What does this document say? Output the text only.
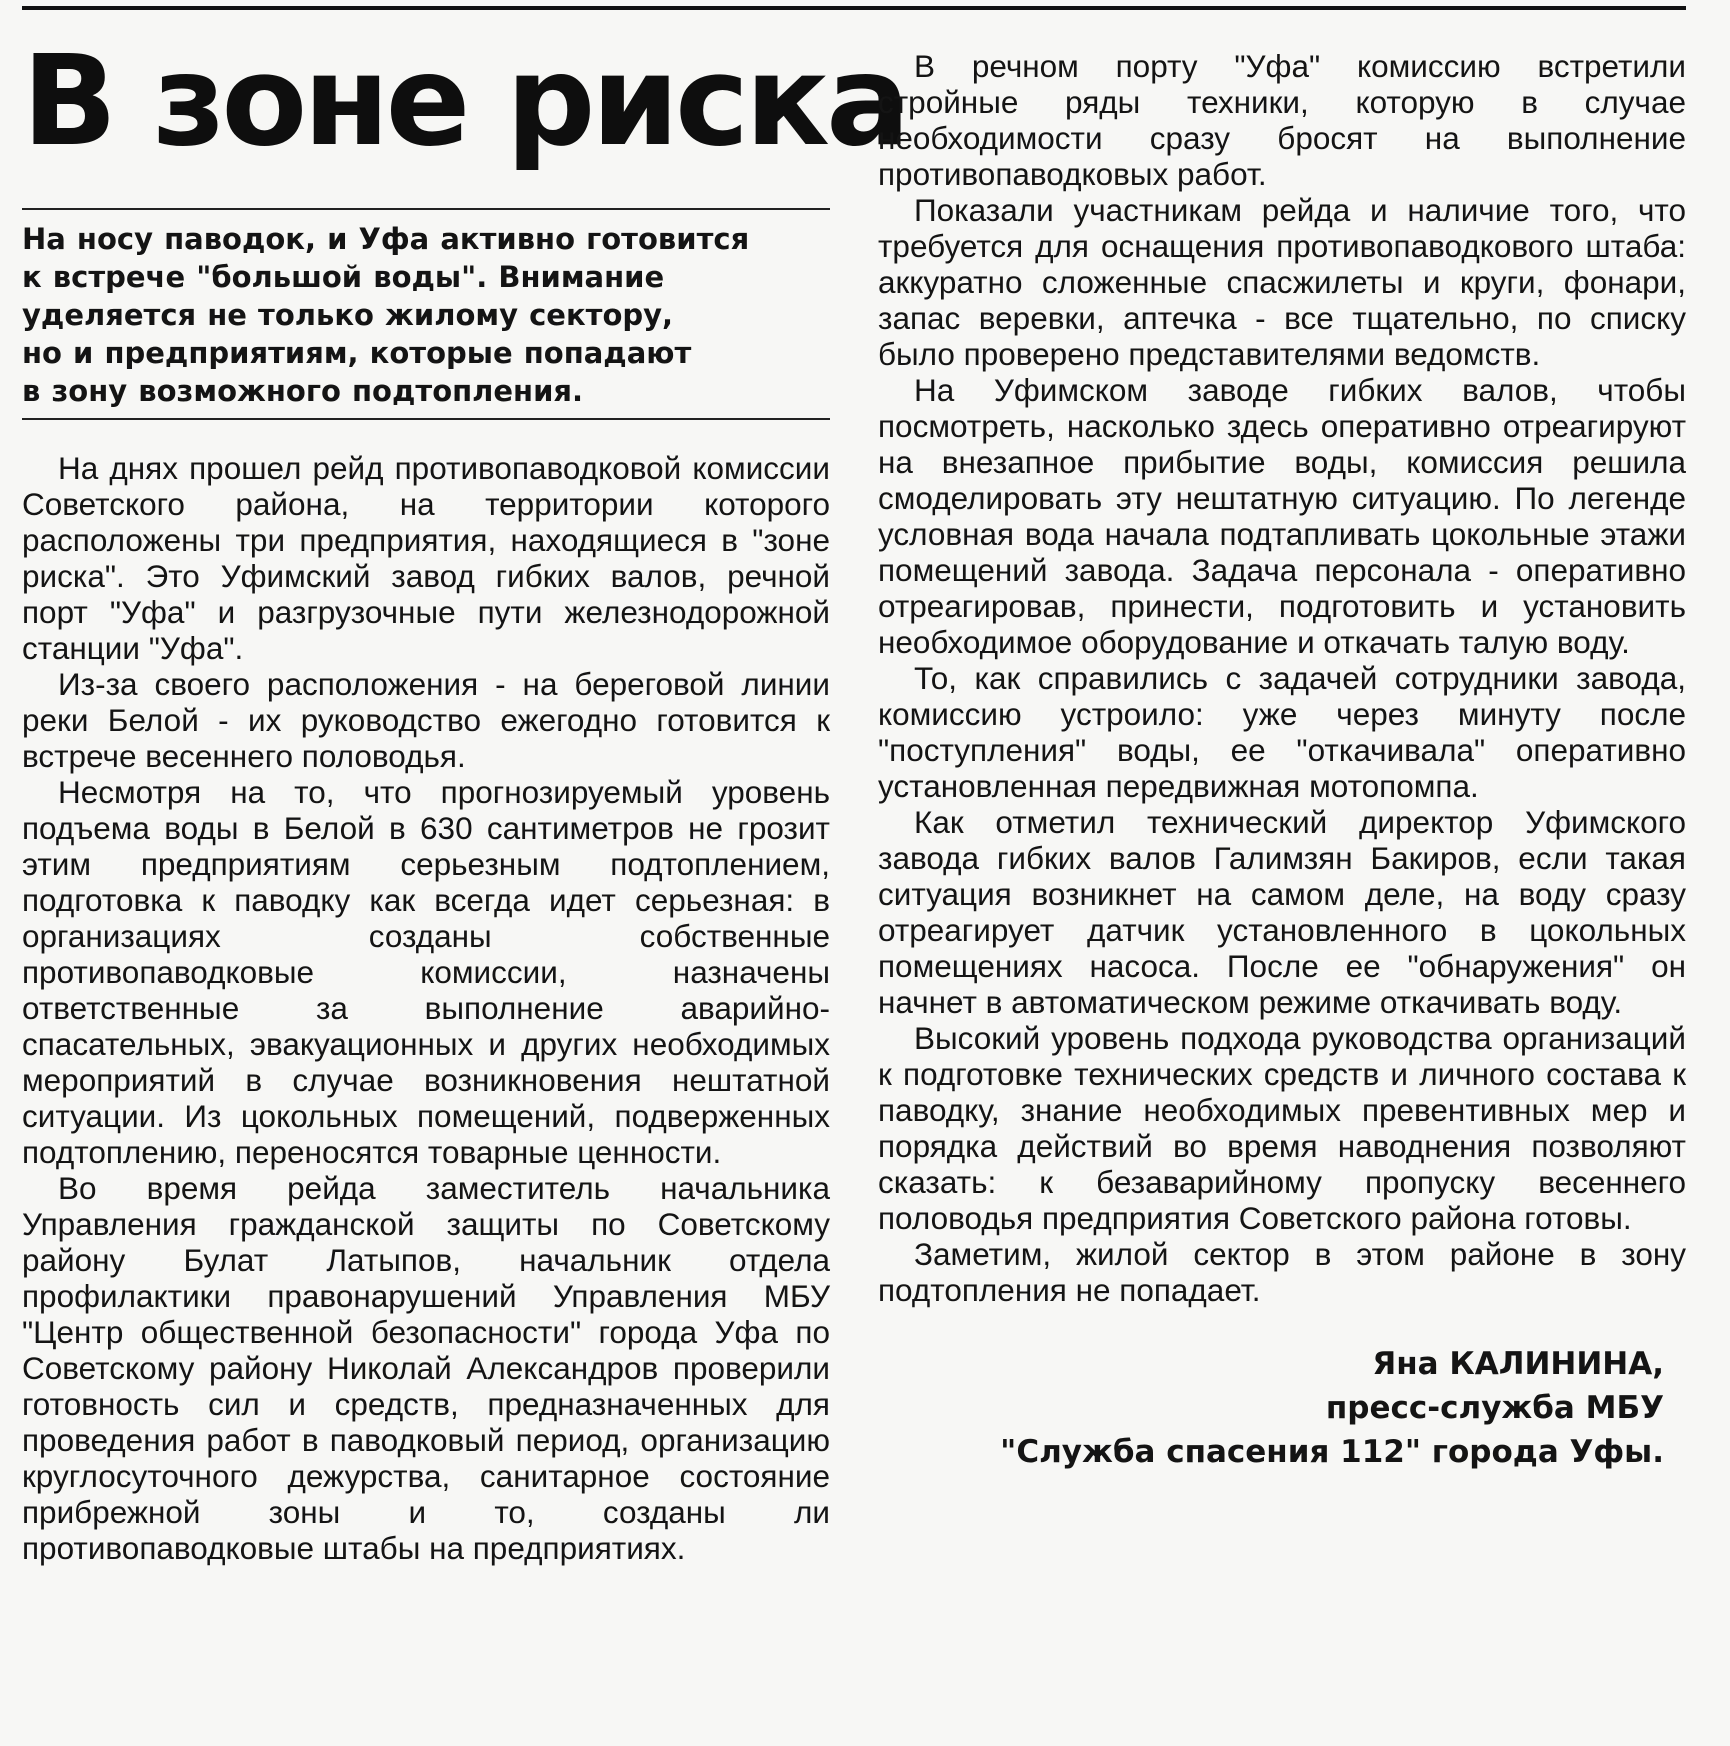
В зоне риска
На носу паводок, и Уфа активно готовится
к встрече "большой воды". Внимание
уделяется не только жилому сектору,
но и предприятиям, которые попадают
в зону возможного подтопления.

На днях прошел рейд противопаводковой комиссии Советского района, на территории которого расположены три предприятия, находящиеся в "зоне риска". Это Уфимский завод гибких валов, речной порт "Уфа" и разгрузочные пути железнодорожной станции "Уфа".

Из-за своего расположения - на береговой линии реки Белой - их руководство ежегодно готовится к встрече весеннего половодья.

Несмотря на то, что прогнозируемый уровень подъема воды в Белой в 630 сантиметров не грозит этим предприятиям серьезным подтоплением, подготовка к паводку как всегда идет серьезная: в организациях созданы собственные противопаводковые комиссии, назначены ответственные за выполнение аварийно-спасательных, эвакуационных и других необходимых мероприятий в случае возникновения нештатной ситуации. Из цокольных помещений, подверженных подтоплению, переносятся товарные ценности.

Во время рейда заместитель начальника Управления гражданской защиты по Советскому району Булат Латыпов, начальник отдела профилактики правонарушений Управления МБУ "Центр общественной безопасности" города Уфа по Советскому району Николай Александров проверили готовность сил и средств, предназначенных для проведения работ в паводковый период, организацию круглосуточного дежурства, санитарное состояние прибрежной зоны и то, созданы ли противопаводковые штабы на предприятиях.

В речном порту "Уфа" комиссию встретили стройные ряды техники, которую в случае необходимости сразу бросят на выполнение противопаводковых работ.

Показали участникам рейда и наличие того, что требуется для оснащения противопаводкового штаба: аккуратно сложенные спасжилеты и круги, фонари, запас веревки, аптечка - все тщательно, по списку было проверено представителями ведомств.

На Уфимском заводе гибких валов, чтобы посмотреть, насколько здесь оперативно отреагируют на внезапное прибытие воды, комиссия решила смоделировать эту нештатную ситуацию. По легенде условная вода начала подтапливать цокольные этажи помещений завода. Задача персонала - оперативно отреагировав, принести, подготовить и установить необходимое оборудование и откачать талую воду.

То, как справились с задачей сотрудники завода, комиссию устроило: уже через минуту после "поступления" воды, ее "откачивала" оперативно установленная передвижная мотопомпа.

Как отметил технический директор Уфимского завода гибких валов Галимзян Бакиров, если такая ситуация возникнет на самом деле, на воду сразу отреагирует датчик установленного в цокольных помещениях насоса. После ее "обнаружения" он начнет в автоматическом режиме откачивать воду.

Высокий уровень подхода руководства организаций к подготовке технических средств и личного состава к паводку, знание необходимых превентивных мер и порядка действий во время наводнения позволяют сказать: к безаварийному пропуску весеннего половодья предприятия Советского района готовы.

Заметим, жилой сектор в этом районе в зону подтопления не попадает.

Яна КАЛИНИНА,
пресс-служба МБУ
"Служба спасения 112" города Уфы.
